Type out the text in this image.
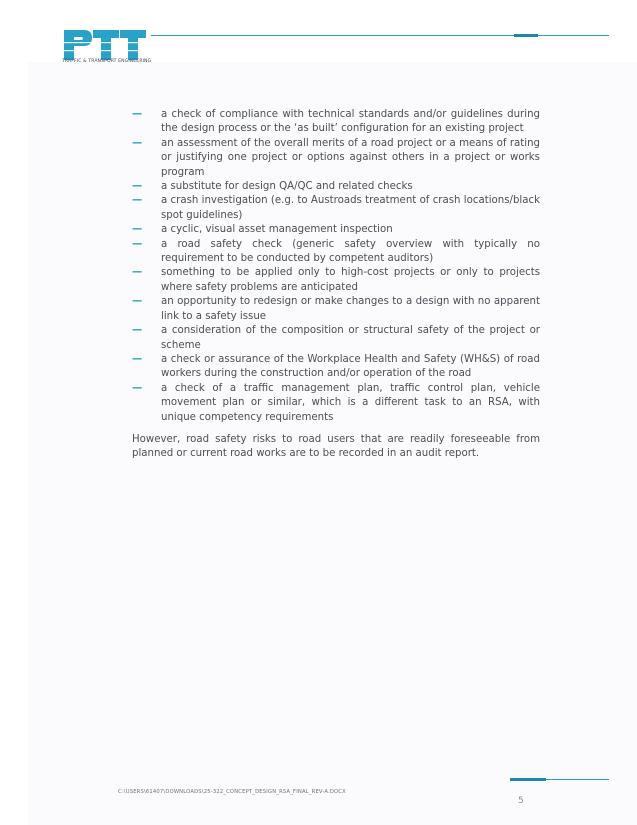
TRAFFIC & TRANSPORT ENGINEERING
— a check of compliance with technical standards and/or guidelines during the design process or the ‘as built’ configuration for an existing project
— an assessment of the overall merits of a road project or a means of rating or justifying one project or options against others in a project or works program
— a substitute for design QA/QC and related checks
— a crash investigation (e.g. to Austroads treatment of crash locations/black spot guidelines)
— a cyclic, visual asset management inspection
— a road safety check (generic safety overview with typically no requirement to be conducted by competent auditors)
— something to be applied only to high-cost projects or only to projects where safety problems are anticipated
— an opportunity to redesign or make changes to a design with no apparent link to a safety issue
— a consideration of the composition or structural safety of the project or scheme
— a check or assurance of the Workplace Health and Safety (WH&S) of road workers during the construction and/or operation of the road
— a check of a traffic management plan, traffic control plan, vehicle movement plan or similar, which is a different task to an RSA, with unique competency requirements

However, road safety risks to road users that are readily foreseeable from planned or current road works are to be recorded in an audit report.

C:\USERS\61407\DOWNLOADS\25-322_CONCEPT_DESIGN_RSA_FINAL_REV-A.DOCX
5
